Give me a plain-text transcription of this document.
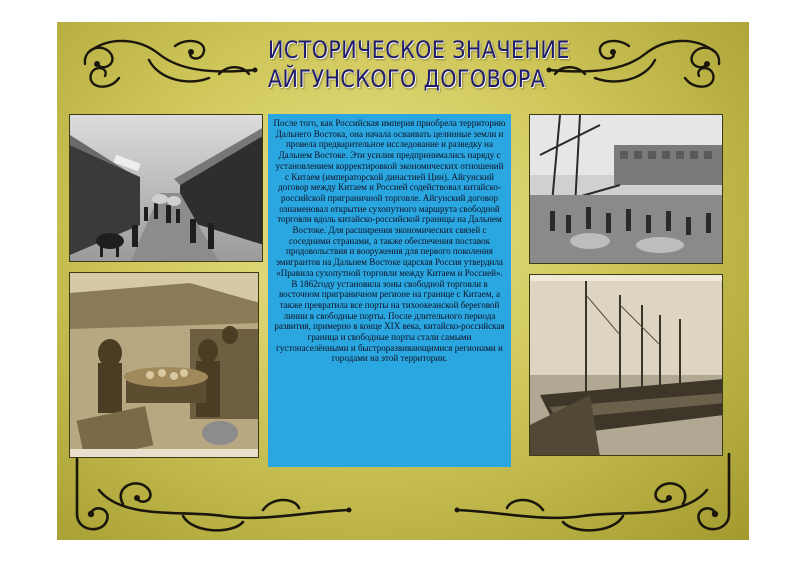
ИСТОРИЧЕСКОЕ ЗНАЧЕНИЕ
АЙГУНСКОГО ДОГОВОРА
После того, как Российская империя приобрела территорию Дальнего Востока, она начала осваивать целинные земли и провела предварительное исследование и разведку на Дальнем Востоке. Эти усилия предпринимались наряду с установлением корректировкой экономических отношений с Китаем (императорской династией Цин). Айгунский договор между Китаем и Россией содействовал китайско-российской приграничной торговле. Айгунский договор ознаменовал открытие сухопутного маршрута свободной торговли вдоль китайско-российской границы на Дальнем Востоке. Для расширения экономических связей с соседними странами, а также обеспечения поставок продовольствия и вооружения для первого поколения эмигрантов на Дальнем Востоке царская Россия утвердила «Правила сухопутной торговли между Китаем и Россией». В 1862году установила зоны свободной торговли в восточном приграничном регионе на границе с Китаем, а также превратила все порты на тихоокеанской береговой линии в свободные порты. После длительного периода развития, примерно в конце XIX века, китайско-российская граница и свободные порты стали самыми густонаселёнными и быстроразвивающимися регионами и городами на этой территории.
